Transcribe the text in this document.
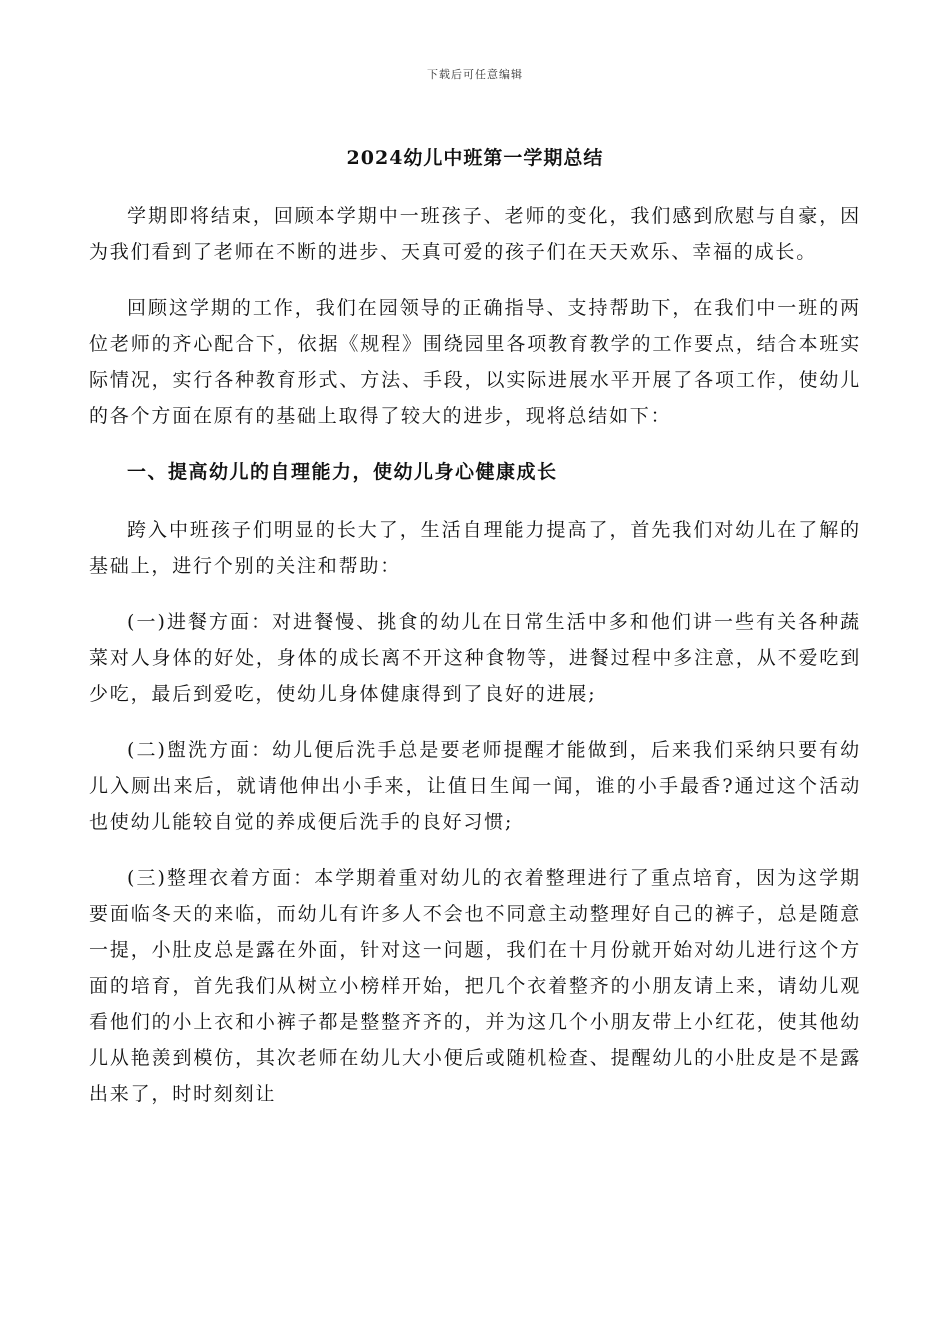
下载后可任意编辑
2024幼儿中班第一学期总结

学期即将结束，回顾本学期中一班孩子、老师的变化，我们感到欣慰与自豪，因为我们看到了老师在不断的进步、天真可爱的孩子们在天天欢乐、幸福的成长。

回顾这学期的工作，我们在园领导的正确指导、支持帮助下，在我们中一班的两位老师的齐心配合下，依据《规程》围绕园里各项教育教学的工作要点，结合本班实际情况，实行各种教育形式、方法、手段，以实际进展水平开展了各项工作，使幼儿的各个方面在原有的基础上取得了较大的进步，现将总结如下：

一、提高幼儿的自理能力，使幼儿身心健康成长

跨入中班孩子们明显的长大了，生活自理能力提高了，首先我们对幼儿在了解的基础上，进行个别的关注和帮助：

(一)进餐方面：对进餐慢、挑食的幼儿在日常生活中多和他们讲一些有关各种蔬菜对人身体的好处，身体的成长离不开这种食物等，进餐过程中多注意，从不爱吃到少吃，最后到爱吃，使幼儿身体健康得到了良好的进展;

(二)盥洗方面：幼儿便后洗手总是要老师提醒才能做到，后来我们采纳只要有幼儿入厕出来后，就请他伸出小手来，让值日生闻一闻，谁的小手最香?通过这个活动也使幼儿能较自觉的养成便后洗手的良好习惯;

(三)整理衣着方面：本学期着重对幼儿的衣着整理进行了重点培育，因为这学期要面临冬天的来临，而幼儿有许多人不会也不同意主动整理好自己的裤子，总是随意一提，小肚皮总是露在外面，针对这一问题，我们在十月份就开始对幼儿进行这个方面的培育，首先我们从树立小榜样开始，把几个衣着整齐的小朋友请上来，请幼儿观看他们的小上衣和小裤子都是整整齐齐的，并为这几个小朋友带上小红花，使其他幼儿从艳羡到模仿，其次老师在幼儿大小便后或随机检查、提醒幼儿的小肚皮是不是露出来了，时时刻刻让
